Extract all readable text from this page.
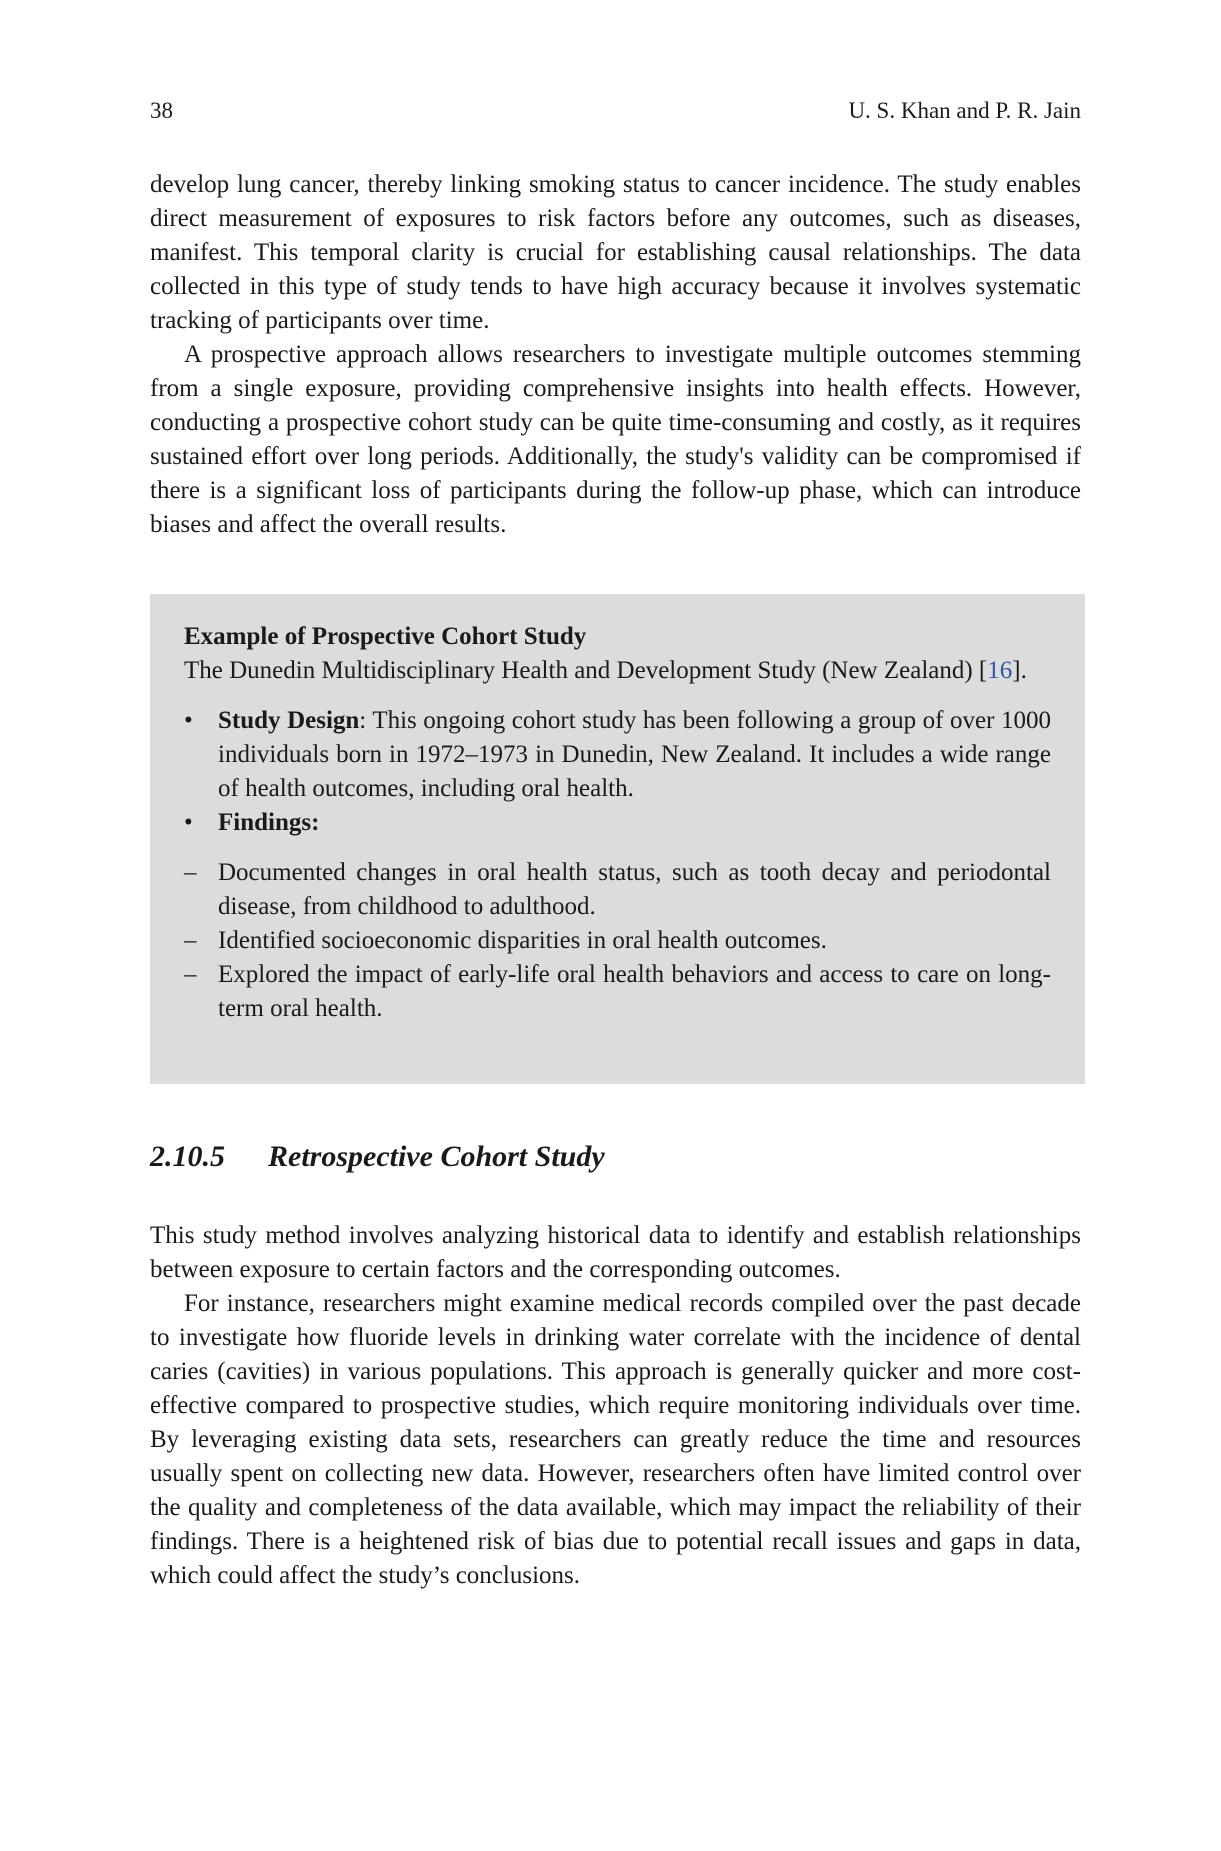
38	U. S. Khan and P. R. Jain

develop lung cancer, thereby linking smoking status to cancer incidence. The study enables direct measurement of exposures to risk factors before any outcomes, such as diseases, manifest. This temporal clarity is crucial for establishing causal relationships. The data collected in this type of study tends to have high accuracy because it involves systematic tracking of participants over time.

A prospective approach allows researchers to investigate multiple outcomes stemming from a single exposure, providing comprehensive insights into health effects. However, conducting a prospective cohort study can be quite time-consuming and costly, as it requires sustained effort over long periods. Additionally, the study's validity can be compromised if there is a significant loss of participants during the follow-up phase, which can introduce biases and affect the overall results.

Example of Prospective Cohort Study

The Dunedin Multidisciplinary Health and Development Study (New Zealand) [16].

• Study Design: This ongoing cohort study has been following a group of over 1000 individuals born in 1972–1973 in Dunedin, New Zealand. It includes a wide range of health outcomes, including oral health.
• Findings:
– Documented changes in oral health status, such as tooth decay and periodontal disease, from childhood to adulthood.
– Identified socioeconomic disparities in oral health outcomes.
– Explored the impact of early-life oral health behaviors and access to care on long-term oral health.
2.10.5 Retrospective Cohort Study

This study method involves analyzing historical data to identify and establish relationships between exposure to certain factors and the corresponding outcomes.

For instance, researchers might examine medical records compiled over the past decade to investigate how fluoride levels in drinking water correlate with the incidence of dental caries (cavities) in various populations. This approach is generally quicker and more cost-effective compared to prospective studies, which require monitoring individuals over time. By leveraging existing data sets, researchers can greatly reduce the time and resources usually spent on collecting new data. However, researchers often have limited control over the quality and completeness of the data available, which may impact the reliability of their findings. There is a heightened risk of bias due to potential recall issues and gaps in data, which could affect the study’s conclusions.
